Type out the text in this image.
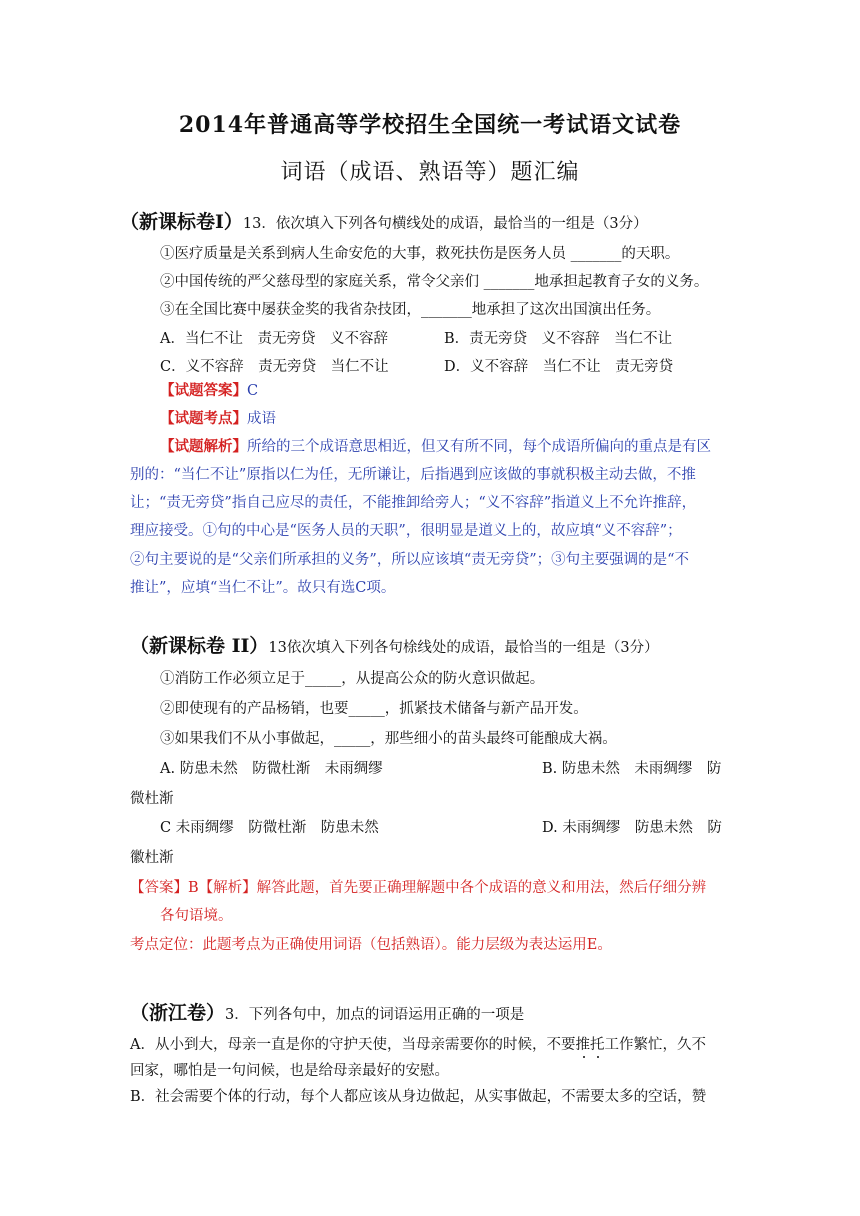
2014年普通高等学校招生全国统一考试语文试卷
词语（成语、熟语等）题汇编
（新课标卷Ⅰ）13．依次填入下列各句横线处的成语，最恰当的一组是（3分）
①医疗质量是关系到病人生命安危的大事，救死扶伤是医务人员 _______的天职。
②中国传统的严父慈母型的家庭关系，常令父亲们 _______地承担起教育子女的义务。
③在全国比赛中屡获金奖的我省杂技团，_______地承担了这次出国演出任务。
A．当仁不让　责无旁贷　义不容辞	B．责无旁贷　义不容辞　当仁不让
C．义不容辞　责无旁贷　当仁不让	D．义不容辞　当仁不让　责无旁贷
【试题答案】C
【试题考点】成语
【试题解析】所给的三个成语意思相近，但又有所不同，每个成语所偏向的重点是有区
别的：“当仁不让”原指以仁为任，无所谦让，后指遇到应该做的事就积极主动去做，不推
让；“责无旁贷”指自己应尽的责任，不能推卸给旁人；“义不容辞”指道义上不允许推辞，
理应接受。①句的中心是“医务人员的天职”，很明显是道义上的，故应填“义不容辞”；
②句主要说的是“父亲们所承担的义务”，所以应该填“责无旁贷”；③句主要强调的是“不
推让”，应填“当仁不让”。故只有选C项。
（新课标卷 II）13依次填入下列各句梌线处的成语，最恰当的一组是（3分）
①消防工作必须立足于_____，从提高公众的防火意识做起。
②即使现有的产品杨销，也要_____，抓紧技术储备与新产品开发。
③如果我们不从小事做起，_____，那些细小的苗头最终可能酿成大祸。
A. 防患未然　防微杜渐　未雨绸缪	B. 防患未然　未雨绸缪　防
微杜渐
C 未雨绸缪　防微杜渐　防患未然	D. 未雨绸缪　防患未然　防
徽杜渐
【答案】B【解析】解答此题，首先要正确理解题中各个成语的意义和用法，然后仔细分辨
各句语境。
考点定位：此题考点为正确使用词语（包括熟语）。能力层级为表达运用E。
（浙江卷）3．下列各句中，加点的词语运用正确的一项是
A．从小到大，母亲一直是你的守护天使，当母亲需要你的时候，不要推托工作繁忙，久不
回家，哪怕是一句问候，也是给母亲最好的安慰。
B．社会需要个体的行动，每个人都应该从身边做起，从实事做起，不需要太多的空话，赞
